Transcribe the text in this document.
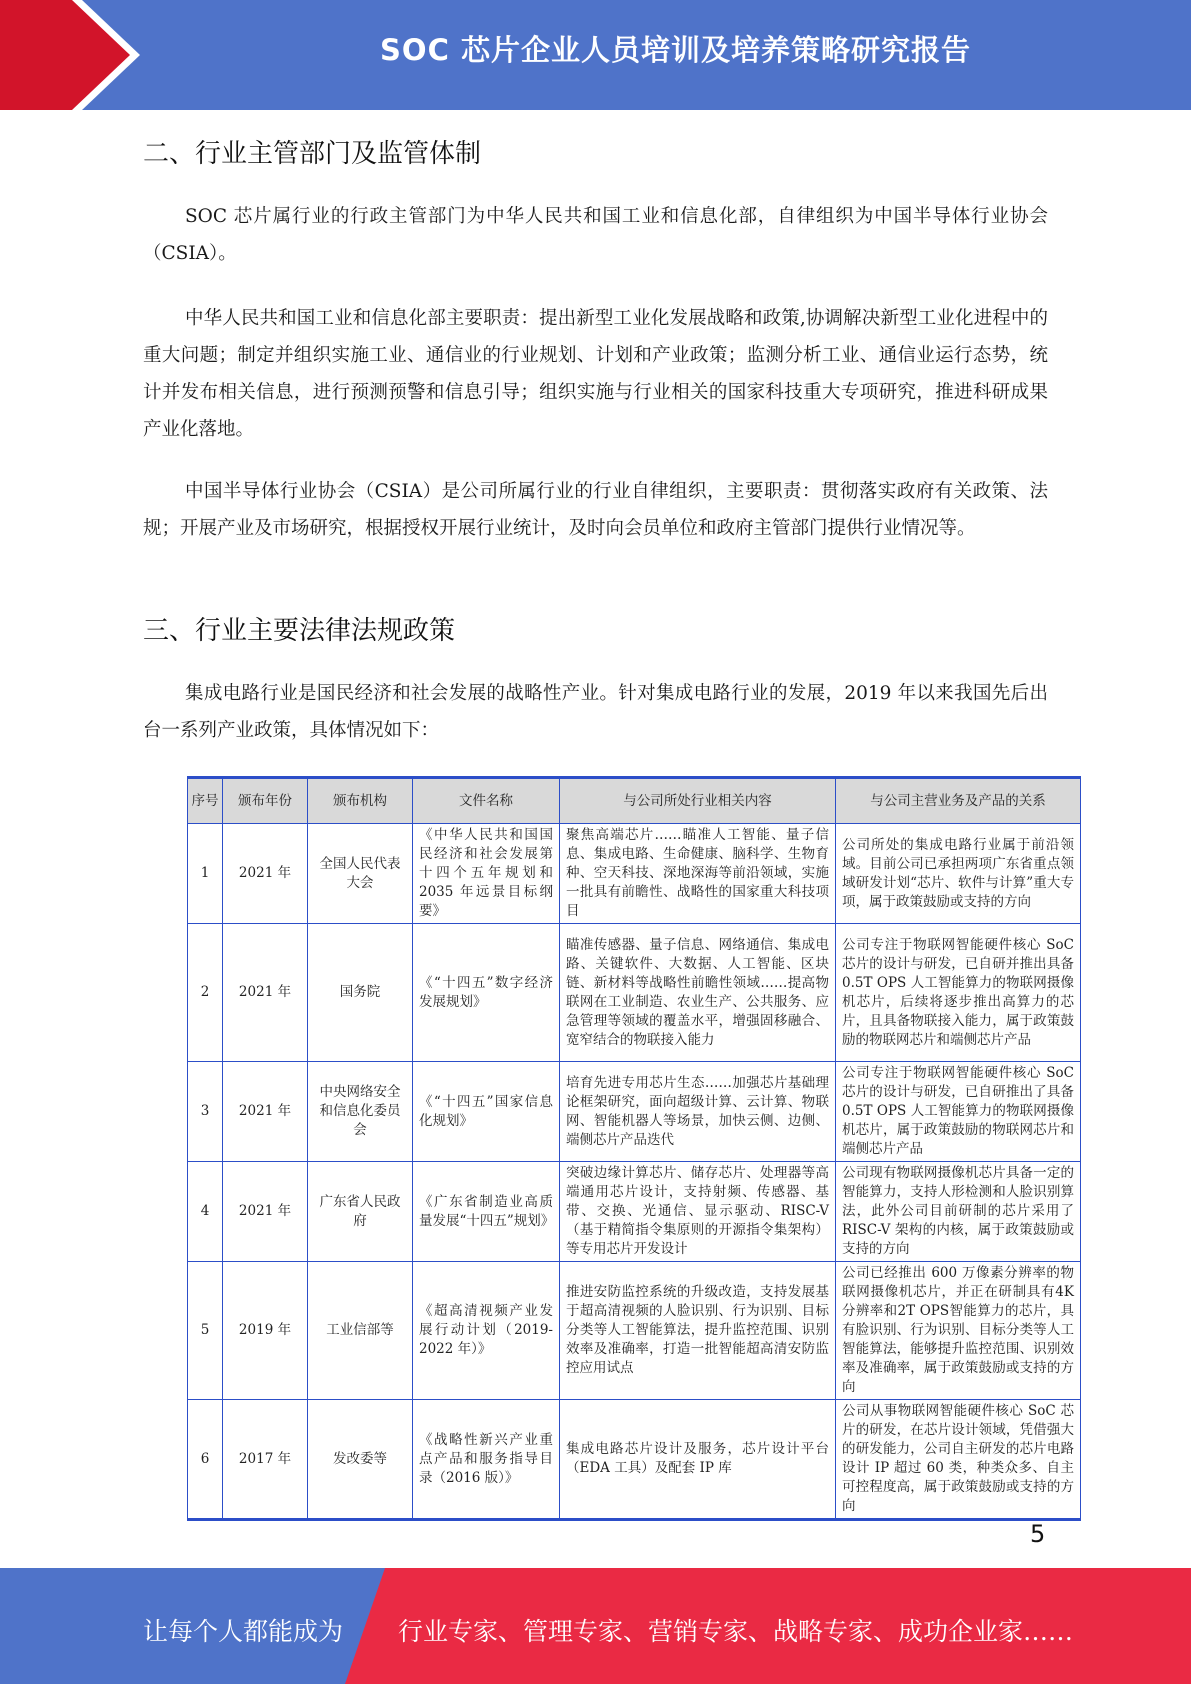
SOC 芯片企业人员培训及培养策略研究报告
二、行业主管部门及监管体制
SOC 芯片属行业的行政主管部门为中华人民共和国工业和信息化部，自律组织为中国半导体行业协会（CSIA）。
中华人民共和国工业和信息化部主要职责：提出新型工业化发展战略和政策,协调解决新型工业化进程中的重大问题；制定并组织实施工业、通信业的行业规划、计划和产业政策；监测分析工业、通信业运行态势，统计并发布相关信息，进行预测预警和信息引导；组织实施与行业相关的国家科技重大专项研究，推进科研成果产业化落地。
中国半导体行业协会（CSIA）是公司所属行业的行业自律组织，主要职责：贯彻落实政府有关政策、法规；开展产业及市场研究，根据授权开展行业统计，及时向会员单位和政府主管部门提供行业情况等。
三、行业主要法律法规政策
集成电路行业是国民经济和社会发展的战略性产业。针对集成电路行业的发展，2019 年以来我国先后出台一系列产业政策，具体情况如下：
序号	颁布年份	颁布机构	文件名称	与公司所处行业相关内容	与公司主营业务及产品的关系
1	2021 年	全国人民代表大会	《中华人民共和国国民经济和社会发展第十四个五年规划和 2035 年远景目标纲要》	聚焦高端芯片……瞄准人工智能、量子信息、集成电路、生命健康、脑科学、生物育种、空天科技、深地深海等前沿领域，实施一批具有前瞻性、战略性的国家重大科技项目	公司所处的集成电路行业属于前沿领域。目前公司已承担两项广东省重点领域研发计划“芯片、软件与计算”重大专项，属于政策鼓励或支持的方向
2	2021 年	国务院	《“十四五”数字经济发展规划》	瞄准传感器、量子信息、网络通信、集成电路、关键软件、大数据、人工智能、区块链、新材料等战略性前瞻性领域……提高物联网在工业制造、农业生产、公共服务、应急管理等领域的覆盖水平，增强固移融合、宽窄结合的物联接入能力	公司专注于物联网智能硬件核心 SoC 芯片的设计与研发，已自研并推出具备 0.5T OPS 人工智能算力的物联网摄像机芯片，后续将逐步推出高算力的芯片，且具备物联接入能力，属于政策鼓励的物联网芯片和端侧芯片产品
3	2021 年	中央网络安全和信息化委员会	《“十四五”国家信息化规划》	培育先进专用芯片生态……加强芯片基础理论框架研究，面向超级计算、云计算、物联网、智能机器人等场景，加快云侧、边侧、端侧芯片产品迭代	公司专注于物联网智能硬件核心 SoC 芯片的设计与研发，已自研推出了具备 0.5T OPS 人工智能算力的物联网摄像机芯片，属于政策鼓励的物联网芯片和端侧芯片产品
4	2021 年	广东省人民政府	《广东省制造业高质量发展“十四五”规划》	突破边缘计算芯片、储存芯片、处理器等高端通用芯片设计，支持射频、传感器、基带、交换、光通信、显示驱动、RISC-V（基于精简指令集原则的开源指令集架构）等专用芯片开发设计	公司现有物联网摄像机芯片具备一定的智能算力，支持人形检测和人脸识别算法，此外公司目前研制的芯片采用了 RISC-V 架构的内核，属于政策鼓励或支持的方向
5	2019 年	工业信部等	《超高清视频产业发展行动计划（2019-2022 年）》	推进安防监控系统的升级改造，支持发展基于超高清视频的人脸识别、行为识别、目标分类等人工智能算法，提升监控范围、识别效率及准确率，打造一批智能超高清安防监控应用试点	公司已经推出 600 万像素分辨率的物联网摄像机芯片，并正在研制具有4K分辨率和2T OPS智能算力的芯片，具有脸识别、行为识别、目标分类等人工智能算法，能够提升监控范围、识别效率及准确率，属于政策鼓励或支持的方向
6	2017 年	发改委等	《战略性新兴产业重点产品和服务指导目录（2016 版）》	集成电路芯片设计及服务，芯片设计平台（EDA 工具）及配套 IP 库	公司从事物联网智能硬件核心 SoC 芯片的研发，在芯片设计领域，凭借强大的研发能力，公司自主研发的芯片电路设计 IP 超过 60 类，种类众多、自主可控程度高，属于政策鼓励或支持的方向
5
让每个人都能成为 行业专家、管理专家、营销专家、战略专家、成功企业家……
